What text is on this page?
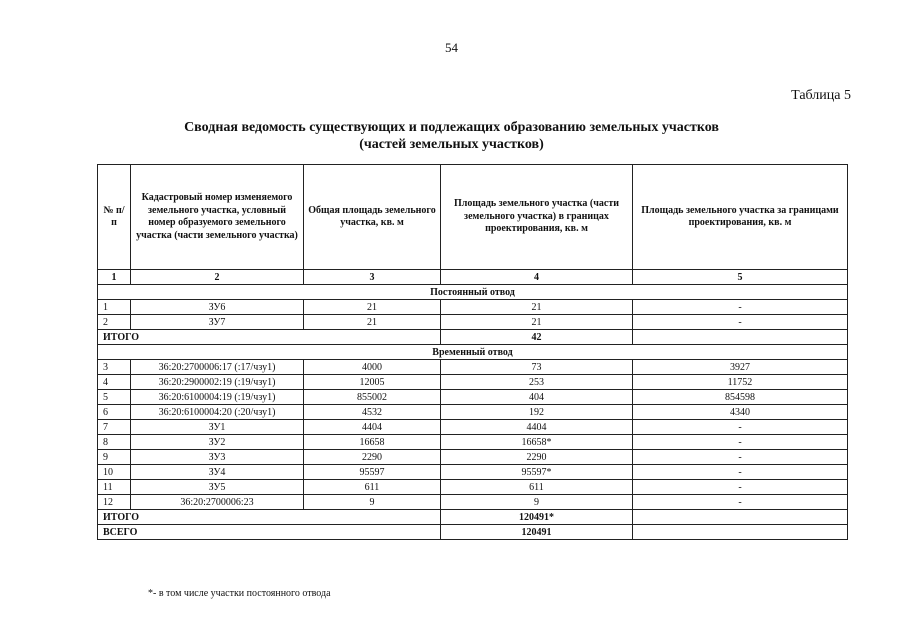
54
Таблица 5
Сводная ведомость существующих и подлежащих образованию земельных участков
(частей земельных участков)
№ п/п	Кадастровый номер изменяемого земельного участка, условный номер образуемого земельного участка (части земельного участка)	Общая площадь земельного участка, кв. м	Площадь земельного участка (части земельного участка) в границах проектирования, кв. м	Площадь земельного участка за границами проектирования, кв. м
1	2	3	4	5
Постоянный отвод				
1	ЗУ6	21	21	-
2	ЗУ7	21	21	-
ИТОГО			42	
Временный отвод				
3	36:20:2700006:17 (:17/чзу1)	4000	73	3927
4	36:20:2900002:19 (:19/чзу1)	12005	253	11752
5	36:20:6100004:19 (:19/чзу1)	855002	404	854598
6	36:20:6100004:20 (:20/чзу1)	4532	192	4340
7	ЗУ1	4404	4404	-
8	ЗУ2	16658	16658*	-
9	ЗУ3	2290	2290	-
10	ЗУ4	95597	95597*	-
11	ЗУ5	611	611	-
12	36:20:2700006:23	9	9	-
ИТОГО			120491*	
ВСЕГО			120491	
*- в том числе участки постоянного отвода
